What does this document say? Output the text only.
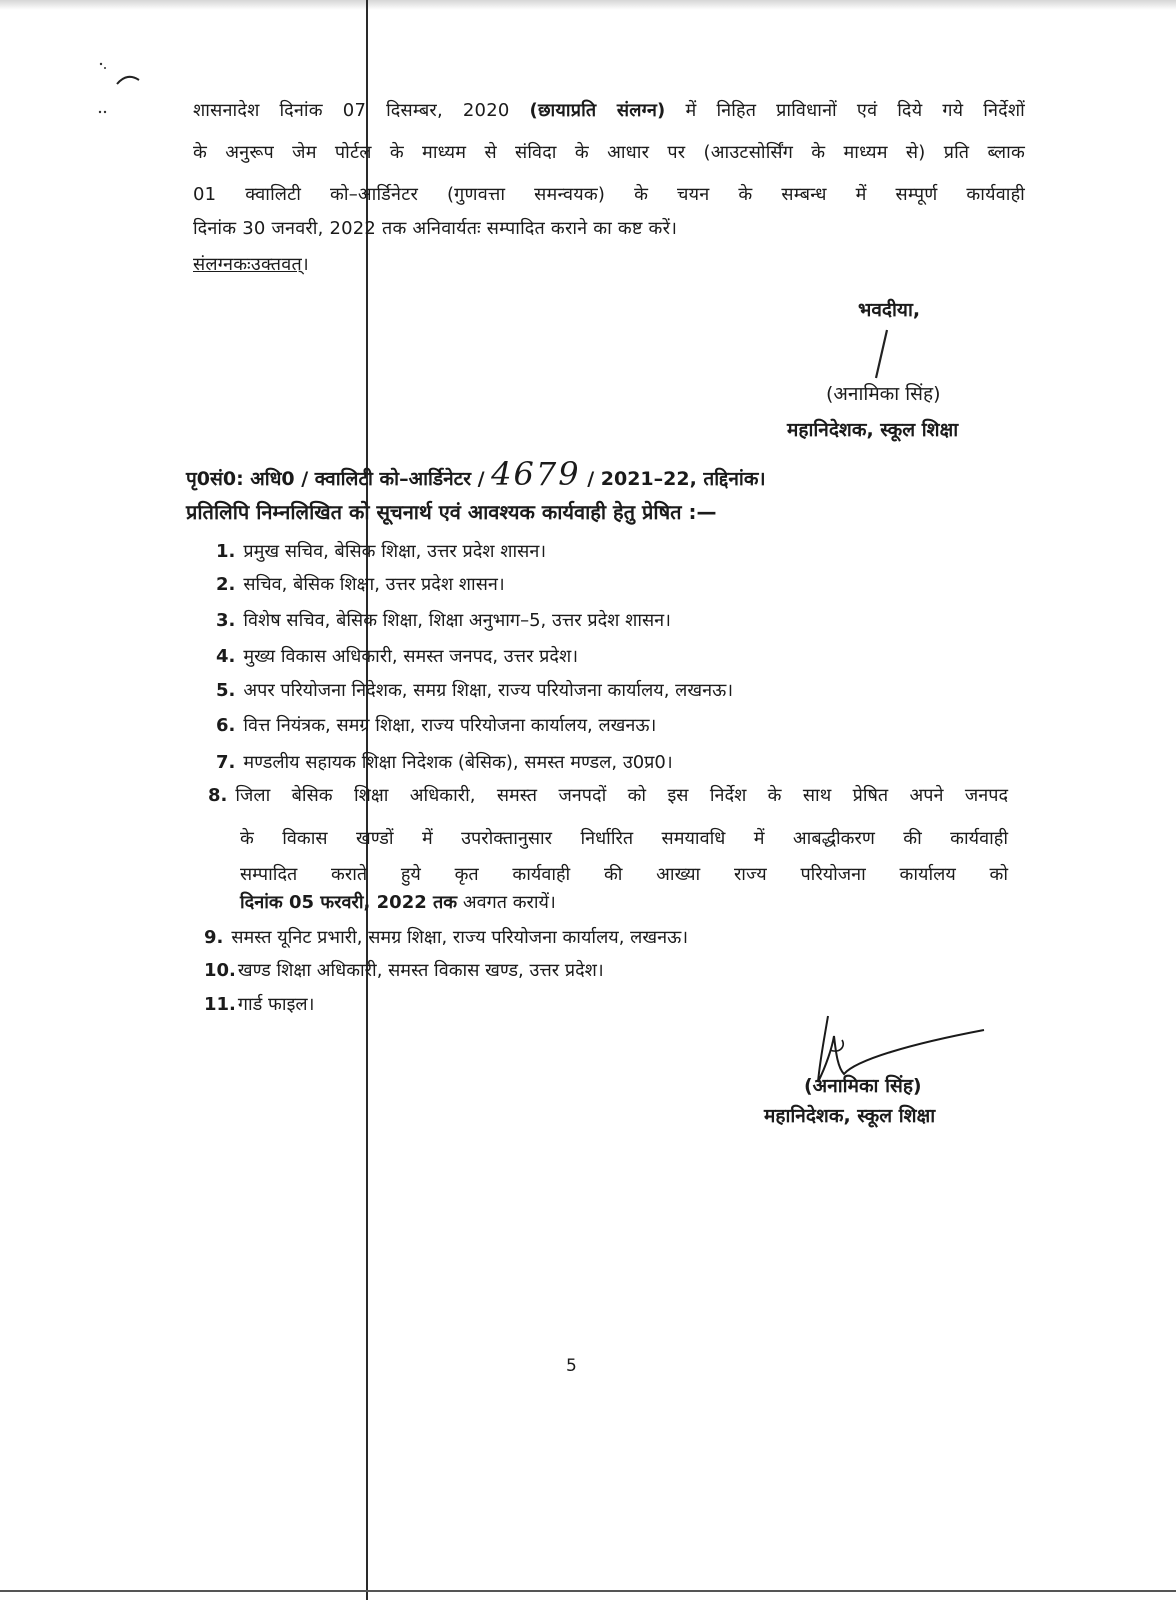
शासनादेश दिनांक 07 दिसम्बर, 2020 (छायाप्रति संलग्न) में निहित प्राविधानों एवं दिये गये निर्देशों
के अनुरूप जेम पोर्टल के माध्यम से संविदा के आधार पर (आउटसोर्सिंग के माध्यम से) प्रति ब्लाक
01 क्वालिटी को–आर्डिनेटर (गुणवत्ता समन्वयक) के चयन के सम्बन्ध में सम्पूर्ण कार्यवाही
दिनांक 30 जनवरी, 2022 तक अनिवार्यतः सम्पादित कराने का कष्ट करें।
संलग्नकःउक्तवत्।
भवदीया,
(अनामिका सिंह)
महानिदेशक, स्कूल शिक्षा
पृ0सं0: अधि0 / क्वालिटी को–आर्डिनेटर / 4679 / 2021–22, तद्दिनांक।
प्रतिलिपि निम्नलिखित को सूचनार्थ एवं आवश्यक कार्यवाही हेतु प्रेषित :—
1. प्रमुख सचिव, बेसिक शिक्षा, उत्तर प्रदेश शासन।
2. सचिव, बेसिक शिक्षा, उत्तर प्रदेश शासन।
3. विशेष सचिव, बेसिक शिक्षा, शिक्षा अनुभाग–5, उत्तर प्रदेश शासन।
4. मुख्य विकास अधिकारी, समस्त जनपद, उत्तर प्रदेश।
5. अपर परियोजना निदेशक, समग्र शिक्षा, राज्य परियोजना कार्यालय, लखनऊ।
6. वित्त नियंत्रक, समग्र शिक्षा, राज्य परियोजना कार्यालय, लखनऊ।
7. मण्डलीय सहायक शिक्षा निदेशक (बेसिक), समस्त मण्डल, उ0प्र0।
8. जिला बेसिक शिक्षा अधिकारी, समस्त जनपदों को इस निर्देश के साथ प्रेषित अपने जनपद
के विकास खण्डों में उपरोक्तानुसार निर्धारित समयावधि में आबद्धीकरण की कार्यवाही
सम्पादित कराते हुये कृत कार्यवाही की आख्या राज्य परियोजना कार्यालय को
दिनांक 05 फरवरी, 2022 तक अवगत करायें।
9. समस्त यूनिट प्रभारी, समग्र शिक्षा, राज्य परियोजना कार्यालय, लखनऊ।
10. खण्ड शिक्षा अधिकारी, समस्त विकास खण्ड, उत्तर प्रदेश।
11. गार्ड फाइल।
(अनामिका सिंह)
महानिदेशक, स्कूल शिक्षा
5
